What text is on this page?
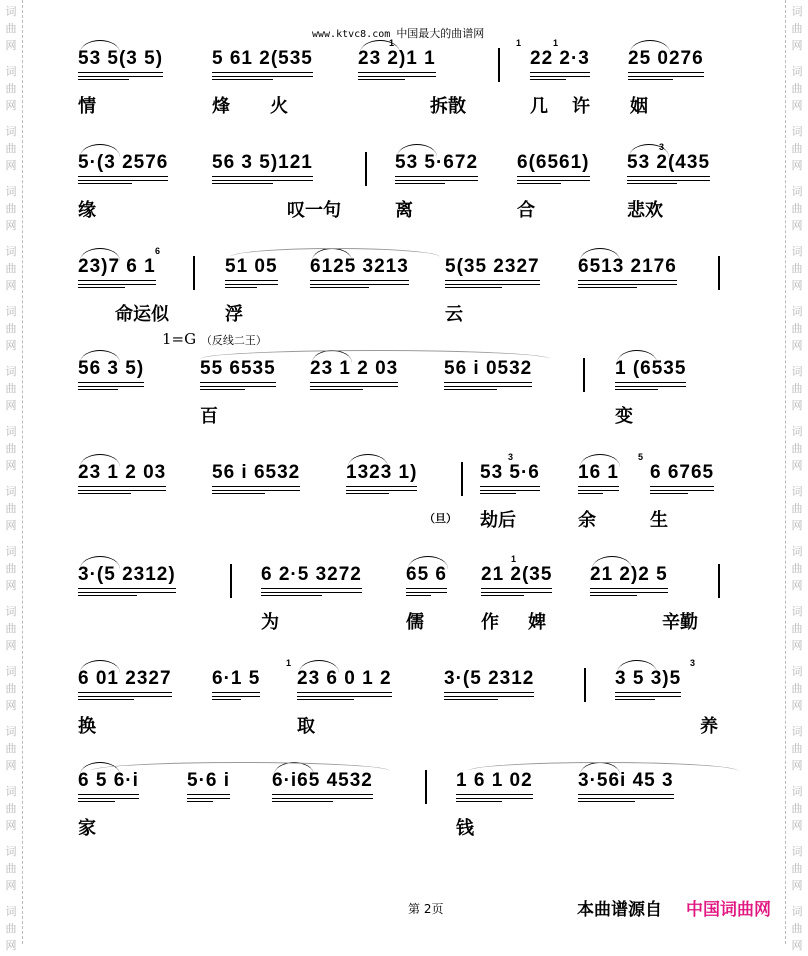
词
曲
网
词
曲
网
词
曲
网
词
曲
网
词
曲
网
词
曲
网
词
曲
网
词
曲
网
词
曲
网
词
曲
网
词
曲
网
词
曲
网
词
曲
网
词
曲
网
词
曲
网
词
曲
网
词
曲
网
词
曲
网
词
曲
网
词
曲
网
词
曲
网
词
曲
网
词
曲
网
词
曲
网
词
曲
网
词
曲
网
词
曲
网
词
曲
网
词
曲
网
词
曲
网
词
曲
网
词
曲
网
www.ktvc8.com 中国最大的曲谱网
1=G （反线二王）
53 5(3 5)	5 61 2(535 23 2)1 1	22 2·3 25 0276
1	1	1
情	烽 火	拆散	几 许 姻
5·(3 2576 56 3 5)121	53 5·672 6(6561) 53 2(435
3
缘	叹一句	离	合	悲欢
23)7 6 1	51 05 6125 3213 5(35 2327 6513 2176
6
命运似	浮	云
56 3 5)	55 6535 23 1 2 03 56 i 0532	1 (6535
百	变
23 1 2 03 56 i 6532 1323 1)	53 5·6 16 1 6 6765
3	5
劫后	余	生
（旦）
3·(5 2312)	6 2·5 3272 65 6 21 2(35 21 2)2 5
1
为	儒	作 婢	辛勤
6 01 2327 6·1 5 23 6 0 1 2	3·(5 2312	3 5 3)5
1	3
换	取	养
6 5 6·i	5·6 i 6·i65 4532	1 6 1 02 3·56i 45 3
家	钱
第 2页	本曲谱源自 中国词曲网
